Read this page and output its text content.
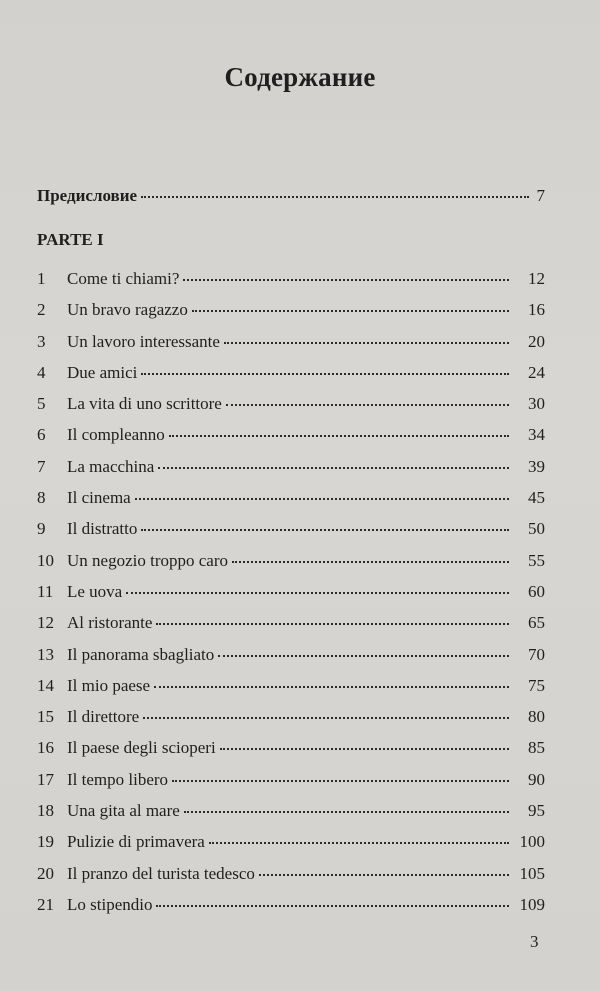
Содержание
Предисловие	7
PARTE I
1	Come ti chiami?	12
2	Un bravo ragazzo	16
3	Un lavoro interessante	20
4	Due amici	24
5	La vita di uno scrittore	30
6	Il compleanno	34
7	La macchina	39
8	Il cinema	45
9	Il distratto	50
10 Un negozio troppo caro	55
11 Le uova	60
12 Al ristorante	65
13 Il panorama sbagliato	70
14 Il mio paese	75
15 Il direttore	80
16 Il paese degli scioperi	85
17 Il tempo libero	90
18 Una gita al mare	95
19 Pulizie di primavera	100
20 Il pranzo del turista tedesco	105
21 Lo stipendio	109
3
